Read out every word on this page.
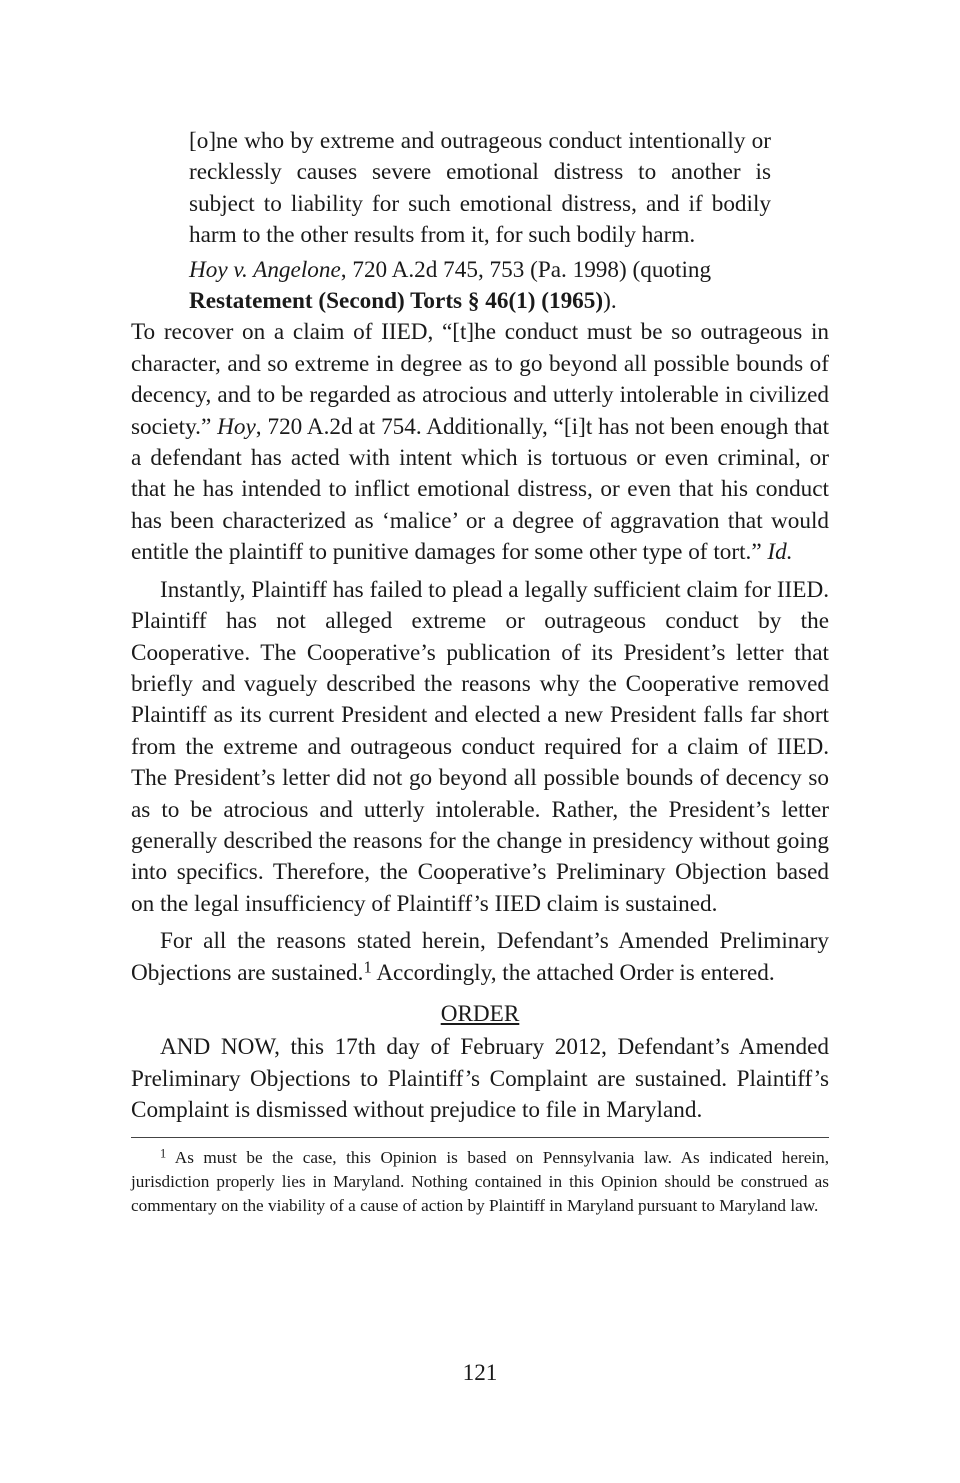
[o]ne who by extreme and outrageous conduct intentionally or recklessly causes severe emotional distress to another is subject to liability for such emotional distress, and if bodily harm to the other results from it, for such bodily harm.

Hoy v. Angelone, 720 A.2d 745, 753 (Pa. 1998) (quoting Restatement (Second) Torts § 46(1) (1965)).

To recover on a claim of IIED, “[t]he conduct must be so outrageous in character, and so extreme in degree as to go beyond all possible bounds of decency, and to be regarded as atrocious and utterly intolerable in civilized society.” Hoy, 720 A.2d at 754. Additionally, “[i]t has not been enough that a defendant has acted with intent which is tortuous or even criminal, or that he has intended to inflict emotional distress, or even that his conduct has been characterized as ‘malice’ or a degree of aggravation that would entitle the plaintiff to punitive damages for some other type of tort.” Id.

Instantly, Plaintiff has failed to plead a legally sufficient claim for IIED. Plaintiff has not alleged extreme or outrageous conduct by the Cooperative. The Cooperative’s publication of its President’s letter that briefly and vaguely described the reasons why the Cooperative removed Plaintiff as its current President and elected a new President falls far short from the extreme and outrageous conduct required for a claim of IIED. The President’s letter did not go beyond all possible bounds of decency so as to be atrocious and utterly intolerable. Rather, the President’s letter generally described the reasons for the change in presidency without going into specifics. Therefore, the Cooperative’s Preliminary Objection based on the legal insufficiency of Plaintiff’s IIED claim is sustained.

For all the reasons stated herein, Defendant’s Amended Preliminary Objections are sustained.$^1$ Accordingly, the attached Order is entered.

ORDER

AND NOW, this 17th day of February 2012, Defendant’s Amended Preliminary Objections to Plaintiff’s Complaint are sustained. Plaintiff’s Complaint is dismissed without prejudice to file in Maryland.

$^1$ As must be the case, this Opinion is based on Pennsylvania law. As indicated herein, jurisdiction properly lies in Maryland. Nothing contained in this Opinion should be construed as commentary on the viability of a cause of action by Plaintiff in Maryland pursuant to Maryland law.

121
